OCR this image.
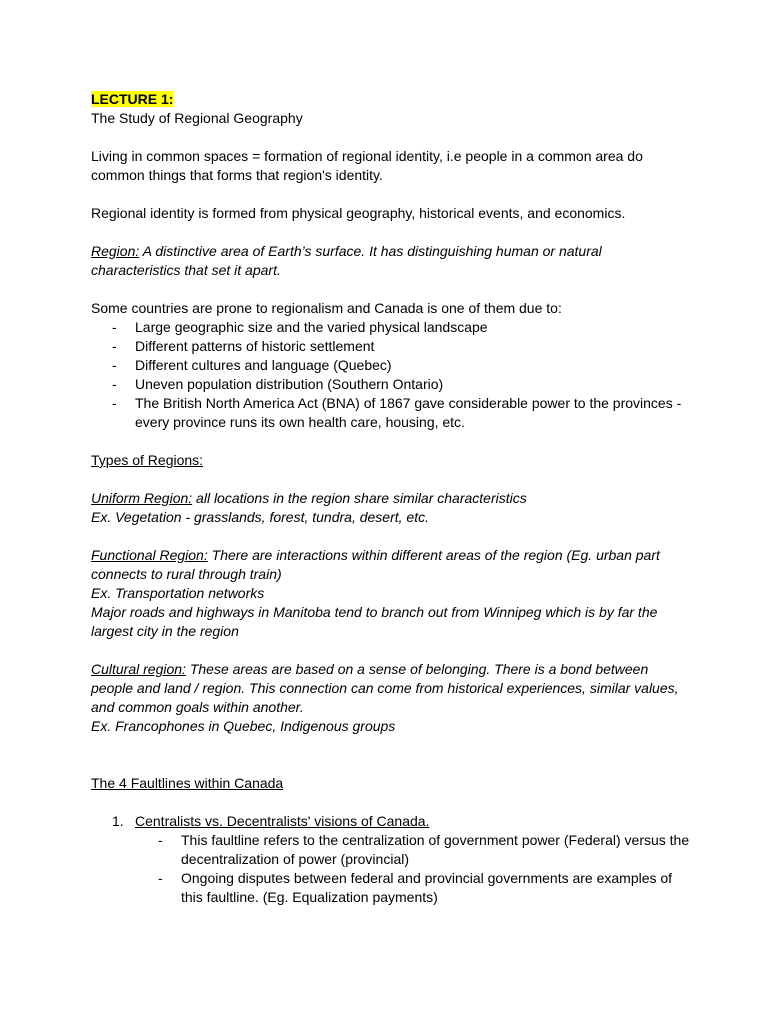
LECTURE 1:

The Study of Regional Geography

Living in common spaces = formation of regional identity, i.e people in a common area do common things that forms that region's identity.

Regional identity is formed from physical geography, historical events, and economics.

Region: A distinctive area of Earth’s surface. It has distinguishing human or natural characteristics that set it apart.

Some countries are prone to regionalism and Canada is one of them due to:

- Large geographic size and the varied physical landscape
- Different patterns of historic settlement
- Different cultures and language (Quebec)
- Uneven population distribution (Southern Ontario)
- The British North America Act (BNA) of 1867 gave considerable power to the provinces - every province runs its own health care, housing, etc.

Types of Regions:

Uniform Region: all locations in the region share similar characteristics

Ex. Vegetation - grasslands, forest, tundra, desert, etc.

Functional Region: There are interactions within different areas of the region (Eg. urban part connects to rural through train)

Ex. Transportation networks

Major roads and highways in Manitoba tend to branch out from Winnipeg which is by far the largest city in the region

Cultural region: These areas are based on a sense of belonging. There is a bond between people and land / region. This connection can come from historical experiences, similar values, and common goals within another.

Ex. Francophones in Quebec, Indigenous groups

The 4 Faultlines within Canada

1. Centralists vs. Decentralists' visions of Canada.
- This faultline refers to the centralization of government power (Federal) versus the decentralization of power (provincial)
- Ongoing disputes between federal and provincial governments are examples of this faultline. (Eg. Equalization payments)
